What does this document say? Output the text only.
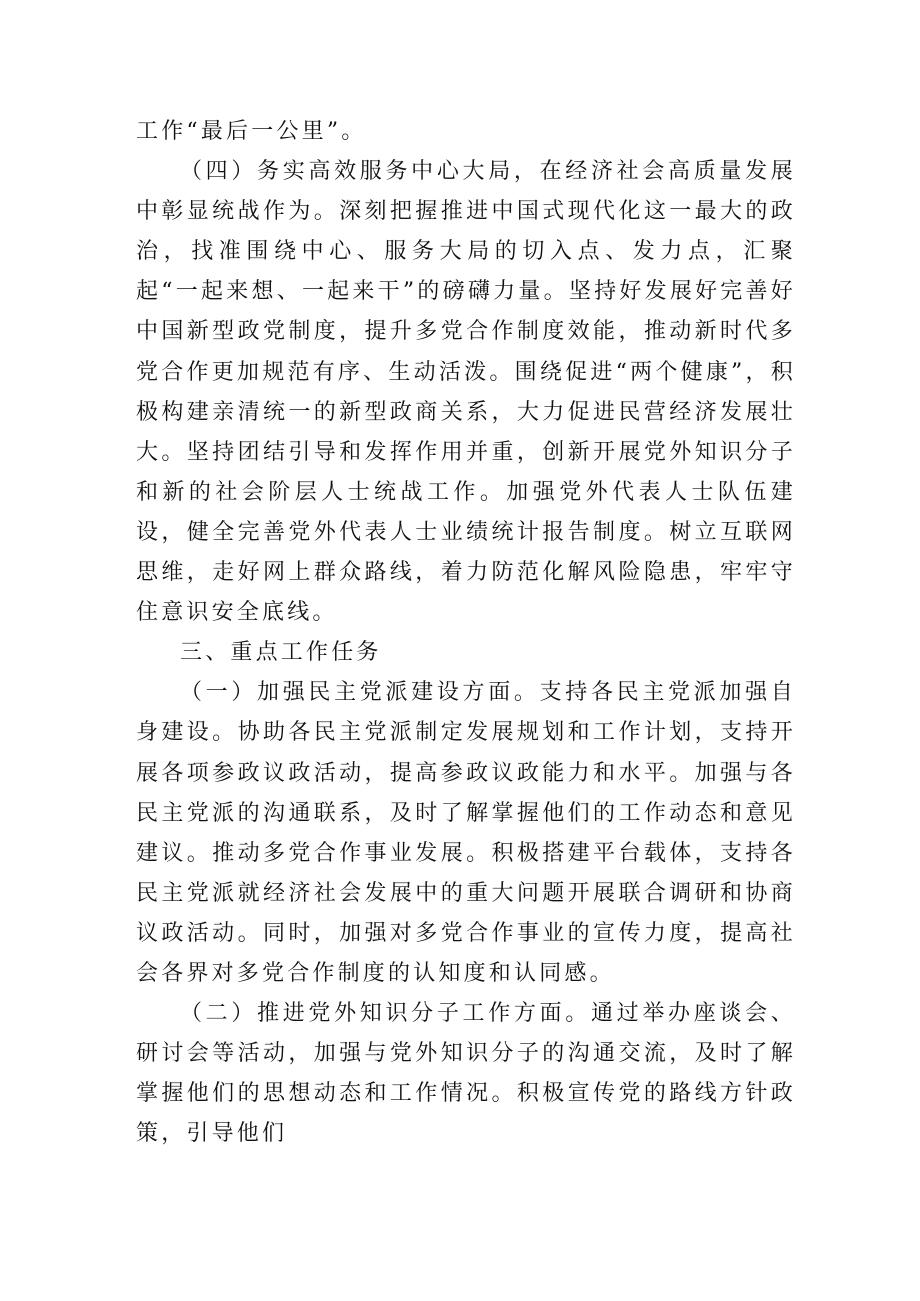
工作“最后一公里”。

（四）务实高效服务中心大局，在经济社会高质量发展中彰显统战作为。深刻把握推进中国式现代化这一最大的政治，找准围绕中心、服务大局的切入点、发力点，汇聚起“一起来想、一起来干”的磅礴力量。坚持好发展好完善好中国新型政党制度，提升多党合作制度效能，推动新时代多党合作更加规范有序、生动活泼。围绕促进“两个健康”，积极构建亲清统一的新型政商关系，大力促进民营经济发展壮大。坚持团结引导和发挥作用并重，创新开展党外知识分子和新的社会阶层人士统战工作。加强党外代表人士队伍建设，健全完善党外代表人士业绩统计报告制度。树立互联网思维，走好网上群众路线，着力防范化解风险隐患，牢牢守住意识安全底线。

三、重点工作任务

（一）加强民主党派建设方面。支持各民主党派加强自身建设。协助各民主党派制定发展规划和工作计划，支持开展各项参政议政活动，提高参政议政能力和水平。加强与各民主党派的沟通联系，及时了解掌握他们的工作动态和意见建议。推动多党合作事业发展。积极搭建平台载体，支持各民主党派就经济社会发展中的重大问题开展联合调研和协商议政活动。同时，加强对多党合作事业的宣传力度，提高社会各界对多党合作制度的认知度和认同感。

（二）推进党外知识分子工作方面。通过举办座谈会、研讨会等活动，加强与党外知识分子的沟通交流，及时了解掌握他们的思想动态和工作情况。积极宣传党的路线方针政策，引导他们
